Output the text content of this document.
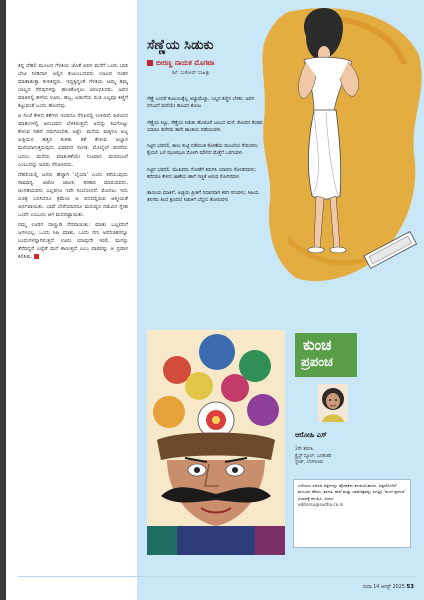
ತನ್ನ ದೆಹಲಿ ಮೂಲದ ಗೆಳತಿಯ ಜೊತೆ ಅವಳ ಮನೆಗೆ ಒಂದು ಬಾರಿ ಭೇಟಿ ನೀಡಿದಾಗ ಅಲ್ಲಿನ ಕುಟುಂಬದವರು ಊಟದ ನಂತರ ಮಾತಾಡುತ್ತಾ ಕುಳಿತಿದ್ದರು. ಇದ್ದಕ್ಕಿದ್ದಂತೆ ಗೆಳತಿಯ ಅಮ್ಮ ತಮ್ಮ ಬಾಲ್ಯದ ನೆನಪುಗಳನ್ನು ಹಂಚಿಕೊಳ್ಳಲು ಆರಂಭಿಸಿದರು. ಅವರ ಮಾತಿನಲ್ಲಿ ಹಳೆಯ ಊರು, ಹಬ್ಬ, ಅಡುಗೆಯ ರುಚಿ ಎಲ್ಲವೂ ಕಣ್ಣಿಗೆ ಕಟ್ಟುವಂತೆ ಬಂದು ಹೋದವು.

ಆ ಸಂಜೆ ಕೇಳಿದ ಕತೆಗಳು ಇಂದಿಗೂ ನೆನಪಿನಲ್ಲಿ ಉಳಿದಿವೆ. ಹಿರಿಯರ ಮಾತುಗಳಲ್ಲಿ ಅನುಭವದ ಬೆಳಕಿರುತ್ತದೆ; ಅದನ್ನು ಕಿವಿಗೊಟ್ಟು ಕೇಳುವ ಸಹನೆ ನಮಗಿರಬೇಕು ಅಷ್ಟೇ. ಮನೆಯ ಮಕ್ಕಳೂ ಅಜ್ಜ ಅಜ್ಜಿಯರ ಹತ್ತಿರ ಕುಳಿತು ಕತೆ ಕೇಳುವ ಅಭ್ಯಾಸ ಮರೆಯಾಗುತ್ತಿರುವುದು ವಿಷಾದದ ಸಂಗತಿ. ಮೊಬೈಲ್ ಪರದೆಯ ಬದಲು ಮನೆಯ ಮಾತುಕತೆಯೇ ನಿಜವಾದ ಮನರಂಜನೆ ಎಂಬುದನ್ನು ಅವರು ನೆನಪಿಸಿದರು.

ದೆಹಲಿಯಲ್ಲಿ ಜನರು ಹೆಚ್ಚಾಗಿ 'ಭೈಯಾ' ಎಂದು ಕರೆಯುವುದು ಸಾಮಾನ್ಯ. ಆಟೋ ಚಾಲಕ, ತರಕಾರಿ ಮಾರುವವನು, ಅಂಗಡಿಯವನು ಎಲ್ಲರಿಗೂ ಇದೇ ಸಂಬೋಧನೆ. ಮೊದಲು ಇದು ವಿಚಿತ್ರ ಎನಿಸಿದರೂ ಕ್ರಮೇಣ ಆ ಪದದಲ್ಲಿರುವ ಆತ್ಮೀಯತೆ ಅರ್ಥವಾಯಿತು. ಭಾಷೆ ಬೇರೆಯಾದರೂ ಮನುಷ್ಯರ ನಡುವಿನ ಸ್ನೇಹ ಒಂದೇ ಎಂಬುದು ಆಗ ಮನದಟ್ಟಾಯಿತು.

ನಮ್ಮ ಊರಿನ ನಾಣ್ಣುಡಿ ನೆನಪಾಯಿತು: ಮಾತು ಬಲ್ಲವನಿಗೆ ಜಗಳವಿಲ್ಲ. ಒಂದು ಸಿಹಿ ಮಾತು, ಒಂದು ನಗು ಅಪರಿಚಿತರನ್ನೂ ಬಂಧುಗಳನ್ನಾಗಿಸುತ್ತದೆ. ಊರು ಯಾವುದೇ ಇರಲಿ, ಮನಸ್ಸು ತೆರೆದಿದ್ದರೆ ಎಲ್ಲೆಡೆ ಮನೆ ಕಾಣುತ್ತದೆ ಎಂಬ ಪಾಠವನ್ನು ಆ ಪ್ರವಾಸ ಕಲಿಸಿತು.

ಸೆಣ್ಣೆಯ ಸಿಡುಕು
ಬೀರಣ್ಣ ನಾಯಕ ಮೊಗಟಾ
ಕಲೆ: ಸಂತೋಷ್ ಸಸಿಹಿತ್ಲು

ಸೆಣ್ಣೆ ಎಂದರೆ ಕುಟುಂಬಕ್ಕೆಲ್ಲ ಅಚ್ಚುಮೆಚ್ಚು, ಎಲ್ಲರ ಕಣ್ಣಿನ ಬೆಳಕು; ಅವಳ ನಗುವಿಗೆ ಮನೆಯೇ ಹೂವಿನ ತೋಟ

ಸೆಣ್ಣೆಯ ಸಿಟ್ಟು, ಸೆಣ್ಣೆಯ ಸಿಡುಕು ಹೊರಟರೆ ಜಂಬದ ಮಳೆ; ಕೋಪದ ಕೆಂಡವ ಯಾರೂ ತಣಿಸರು ತಾನೇ ಶಾಂತಿಯ ಪಡೆಯುವಳು

ಸಿಟ್ಟಿನ ಭರದಲಿ, ಕಾಲು ಕುಟ್ಟಿ ನಡೆಯುತ ಕೋಣೆಯ ಮೂಲೆಯ ಸೇರುವಳು; ಕೈಯಲಿ ಬಳೆ ಝಣಝಣ ಮೊಳಗಿ ಮೌನದ ಮೆತ್ತೆಗೆ ಒರಗುವಳು

ಸಿಟ್ಟಿನ ಭರದಲಿ, ಮುಖವನು ಗೋಡೆಗೆ ತಿರುಗಿಸಿ ಯಾರನು ನೋಡದವಳು; ಕರೆದರೂ ಕೇಳದ ಜಾಣೆಯ ಹಾಗೆ ಸಣ್ಣಕೆ ಅಳುವ ಸೋಗಿನವಳು

ತಾಯಿಯ ಮಾತಿಗೆ, ಅಜ್ಜಿಯ ಪ್ರೀತಿಗೆ ನಿಧಾನವಾಗಿ ಕರಗಿ ನಗುವಳು; ಸಿಹಿಯ ತಿನಿಸನು ತಿಂದ ಕ್ಷಣದಲೆ ಸಿಡುಕಿಗೆ ಬೆನ್ನನು ತೋರುವಳು

ಕುಂಚ
ಪ್ರಪಂಚ
ಆರೋಹಿ ಎಸ್
2ನೇ ತರಗತಿ,
ಕ್ರೈಸ್ಟ್ ಸ್ಕೂಲ್, ಬನಶಂಕರಿ
ಸ್ಟೇಜ್, ಬೆಂಗಳೂರು
ಎಳೆಯರು ರಚಿಸಿದ ಚಿತ್ರಗಳನ್ನು ಪೋಷಕರು ಕಳುಹಿಸಬಹುದು. ಚಿತ್ರದೊಂದಿಗೆ ಮಗುವಿನ ಹೆಸರು, ತರಗತಿ, ಶಾಲೆ ಮತ್ತು ಭಾವಚಿತ್ರವನ್ನು ಲಗತ್ತಿಸಿ 'ಕುಂಚ ಪ್ರಪಂಚ' ವಿಭಾಗಕ್ಕೆ ಕಳುಹಿಸಿ. ವಿಳಾಸ:
editorsu@sudha.co.in
ಸುಧಾ 14 ಆಗಸ್ಟ್ 2025 53
